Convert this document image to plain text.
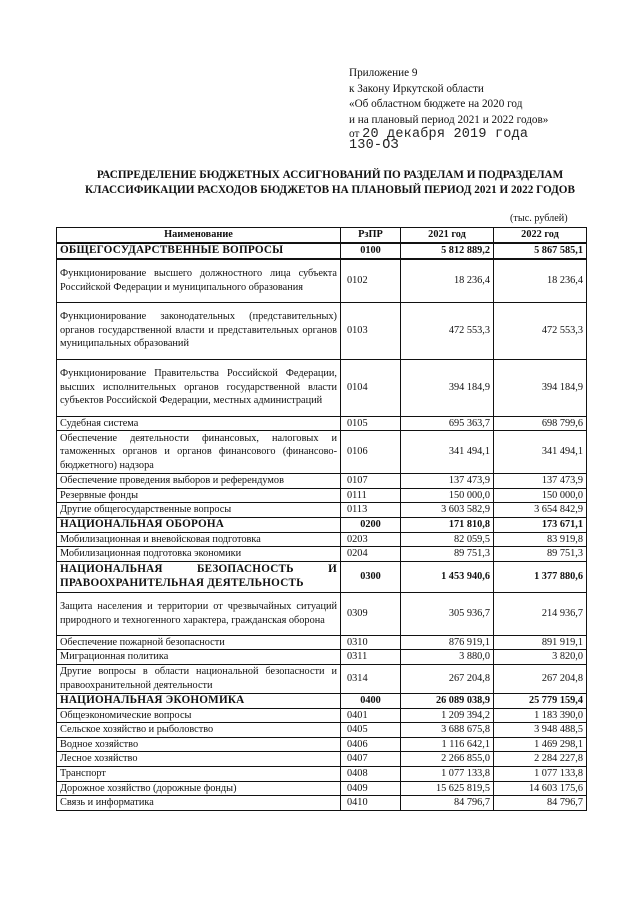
Приложение 9
к Закону Иркутской области
«Об областном бюджете на 2020 год
и на плановый период 2021 и 2022 годов»
от 20 декабря 2019 года
130-ОЗ
РАСПРЕДЕЛЕНИЕ БЮДЖЕТНЫХ АССИГНОВАНИЙ ПО РАЗДЕЛАМ И ПОДРАЗДЕЛАМ
КЛАССИФИКАЦИИ РАСХОДОВ БЮДЖЕТОВ НА ПЛАНОВЫЙ ПЕРИОД 2021 И 2022 ГОДОВ
(тыс. рублей)
Наименование	РзПР	2021 год	2022 год
ОБЩЕГОСУДАРСТВЕННЫЕ ВОПРОСЫ	0100	5 812 889,2	5 867 585,1
Функционирование высшего должностного лица субъекта Российской Федерации и муниципального образования	0102	18 236,4	18 236,4
Функционирование законодательных (представительных) органов государственной власти и представительных органов муниципальных образований	0103	472 553,3	472 553,3
Функционирование Правительства Российской Федерации, высших исполнительных органов государственной власти субъектов Российской Федерации, местных администраций	0104	394 184,9	394 184,9
Судебная система	0105	695 363,7	698 799,6
Обеспечение деятельности финансовых, налоговых и таможенных органов и органов финансового (финансово-бюджетного) надзора	0106	341 494,1	341 494,1
Обеспечение проведения выборов и референдумов	0107	137 473,9	137 473,9
Резервные фонды	0111	150 000,0	150 000,0
Другие общегосударственные вопросы	0113	3 603 582,9	3 654 842,9
НАЦИОНАЛЬНАЯ ОБОРОНА	0200	171 810,8	173 671,1
Мобилизационная и вневойсковая подготовка	0203	82 059,5	83 919,8
Мобилизационная подготовка экономики	0204	89 751,3	89 751,3
НАЦИОНАЛЬНАЯ БЕЗОПАСНОСТЬ И ПРАВООХРАНИТЕЛЬНАЯ ДЕЯТЕЛЬНОСТЬ	0300	1 453 940,6	1 377 880,6
Защита населения и территории от чрезвычайных ситуаций природного и техногенного характера, гражданская оборона	0309	305 936,7	214 936,7
Обеспечение пожарной безопасности	0310	876 919,1	891 919,1
Миграционная политика	0311	3 880,0	3 820,0
Другие вопросы в области национальной безопасности и правоохранительной деятельности	0314	267 204,8	267 204,8
НАЦИОНАЛЬНАЯ ЭКОНОМИКА	0400	26 089 038,9	25 779 159,4
Общеэкономические вопросы	0401	1 209 394,2	1 183 390,0
Сельское хозяйство и рыболовство	0405	3 688 675,8	3 948 488,5
Водное хозяйство	0406	1 116 642,1	1 469 298,1
Лесное хозяйство	0407	2 266 855,0	2 284 227,8
Транспорт	0408	1 077 133,8	1 077 133,8
Дорожное хозяйство (дорожные фонды)	0409	15 625 819,5	14 603 175,6
Связь и информатика	0410	84 796,7	84 796,7
